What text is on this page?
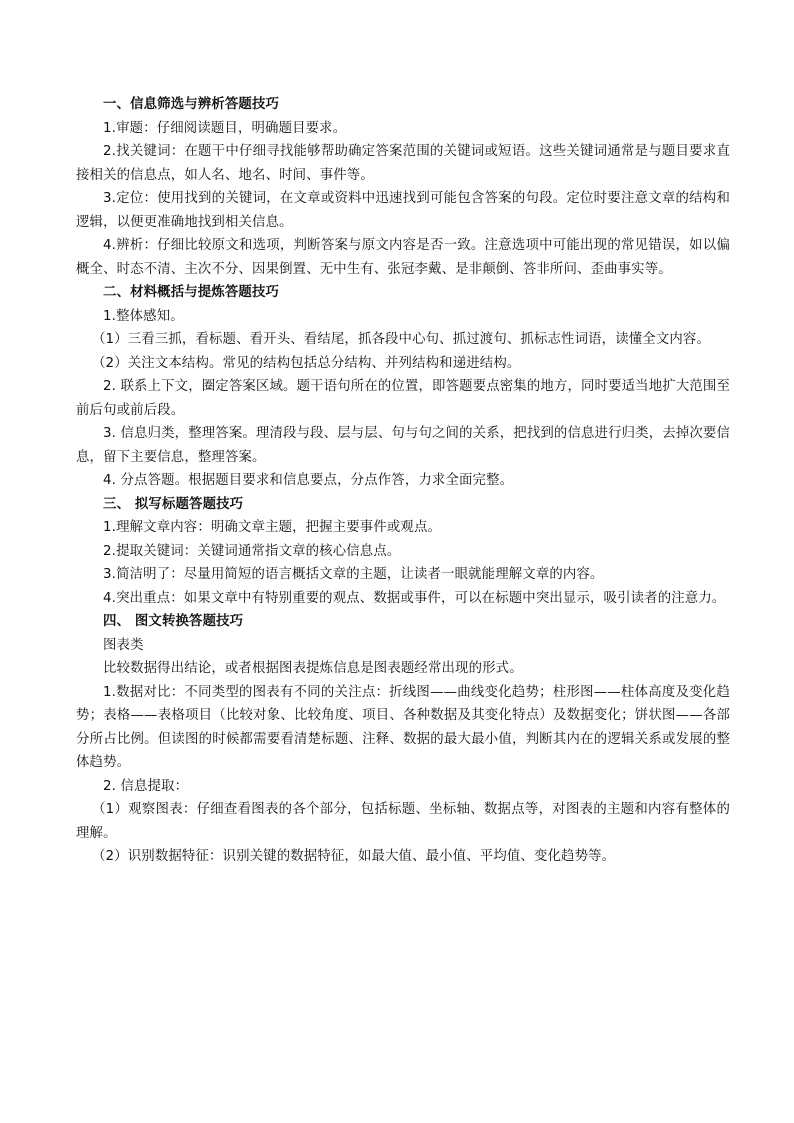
一、信息筛选与辨析答题技巧

1.审题：仔细阅读题目，明确题目要求。

2.找关键词：在题干中仔细寻找能够帮助确定答案范围的关键词或短语。这些关键词通常是与题目要求直接相关的信息点，如人名、地名、时间、事件等。

3.定位：使用找到的关键词，在文章或资料中迅速找到可能包含答案的句段。定位时要注意文章的结构和逻辑，以便更准确地找到相关信息。

4.辨析：仔细比较原文和选项，判断答案与原文内容是否一致。注意选项中可能出现的常见错误，如以偏概全、时态不清、主次不分、因果倒置、无中生有、张冠李戴、是非颠倒、答非所问、歪曲事实等。

二、材料概括与提炼答题技巧

1.整体感知。

（1）三看三抓，看标题、看开头、看结尾，抓各段中心句、抓过渡句、抓标志性词语，读懂全文内容。

（2）关注文本结构。常见的结构包括总分结构、并列结构和递进结构。

2. 联系上下文，圈定答案区域。题干语句所在的位置，即答题要点密集的地方，同时要适当地扩大范围至前后句或前后段。

3. 信息归类，整理答案。理清段与段、层与层、句与句之间的关系，把找到的信息进行归类，去掉次要信息，留下主要信息，整理答案。

4. 分点答题。根据题目要求和信息要点，分点作答，力求全面完整。

三、 拟写标题答题技巧

1.理解文章内容：明确文章主题，把握主要事件或观点。

2.提取关键词：关键词通常指文章的核心信息点。

3.简洁明了：尽量用简短的语言概括文章的主题，让读者一眼就能理解文章的内容。

4.突出重点：如果文章中有特别重要的观点、数据或事件，可以在标题中突出显示，吸引读者的注意力。

四、 图文转换答题技巧

图表类

比较数据得出结论，或者根据图表提炼信息是图表题经常出现的形式。

1.数据对比：不同类型的图表有不同的关注点：折线图——曲线变化趋势；柱形图——柱体高度及变化趋势；表格——表格项目（比较对象、比较角度、项目、各种数据及其变化特点）及数据变化；饼状图——各部分所占比例。但读图的时候都需要看清楚标题、注释、数据的最大最小值，判断其内在的逻辑关系或发展的整体趋势。

2. 信息提取：

（1）观察图表：仔细查看图表的各个部分，包括标题、坐标轴、数据点等，对图表的主题和内容有整体的理解。

（2）识别数据特征：识别关键的数据特征，如最大值、最小值、平均值、变化趋势等。
